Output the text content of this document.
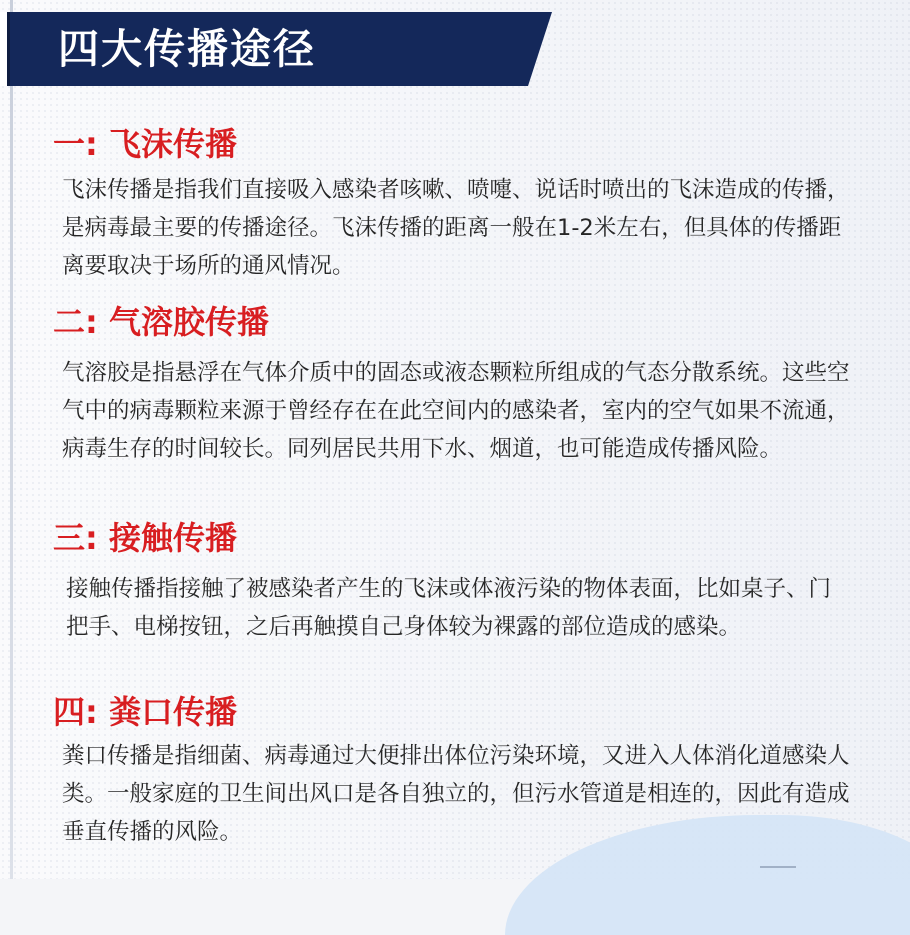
四大传播途径
一: 飞沫传播

飞沫传播是指我们直接吸入感染者咳嗽、喷嚏、说话时喷出的飞沫造成的传播，是病毒最主要的传播途径。飞沫传播的距离一般在1-2米左右，但具体的传播距离要取决于场所的通风情况。

二: 气溶胶传播

气溶胶是指悬浮在气体介质中的固态或液态颗粒所组成的气态分散系统。这些空气中的病毒颗粒来源于曾经存在在此空间内的感染者，室内的空气如果不流通，病毒生存的时间较长。同列居民共用下水、烟道，也可能造成传播风险。

三: 接触传播

接触传播指接触了被感染者产生的飞沫或体液污染的物体表面，比如桌子、门把手、电梯按钮，之后再触摸自己身体较为裸露的部位造成的感染。

四: 粪口传播

粪口传播是指细菌、病毒通过大便排出体位污染环境，又进入人体消化道感染人类。一般家庭的卫生间出风口是各自独立的，但污水管道是相连的，因此有造成垂直传播的风险。
